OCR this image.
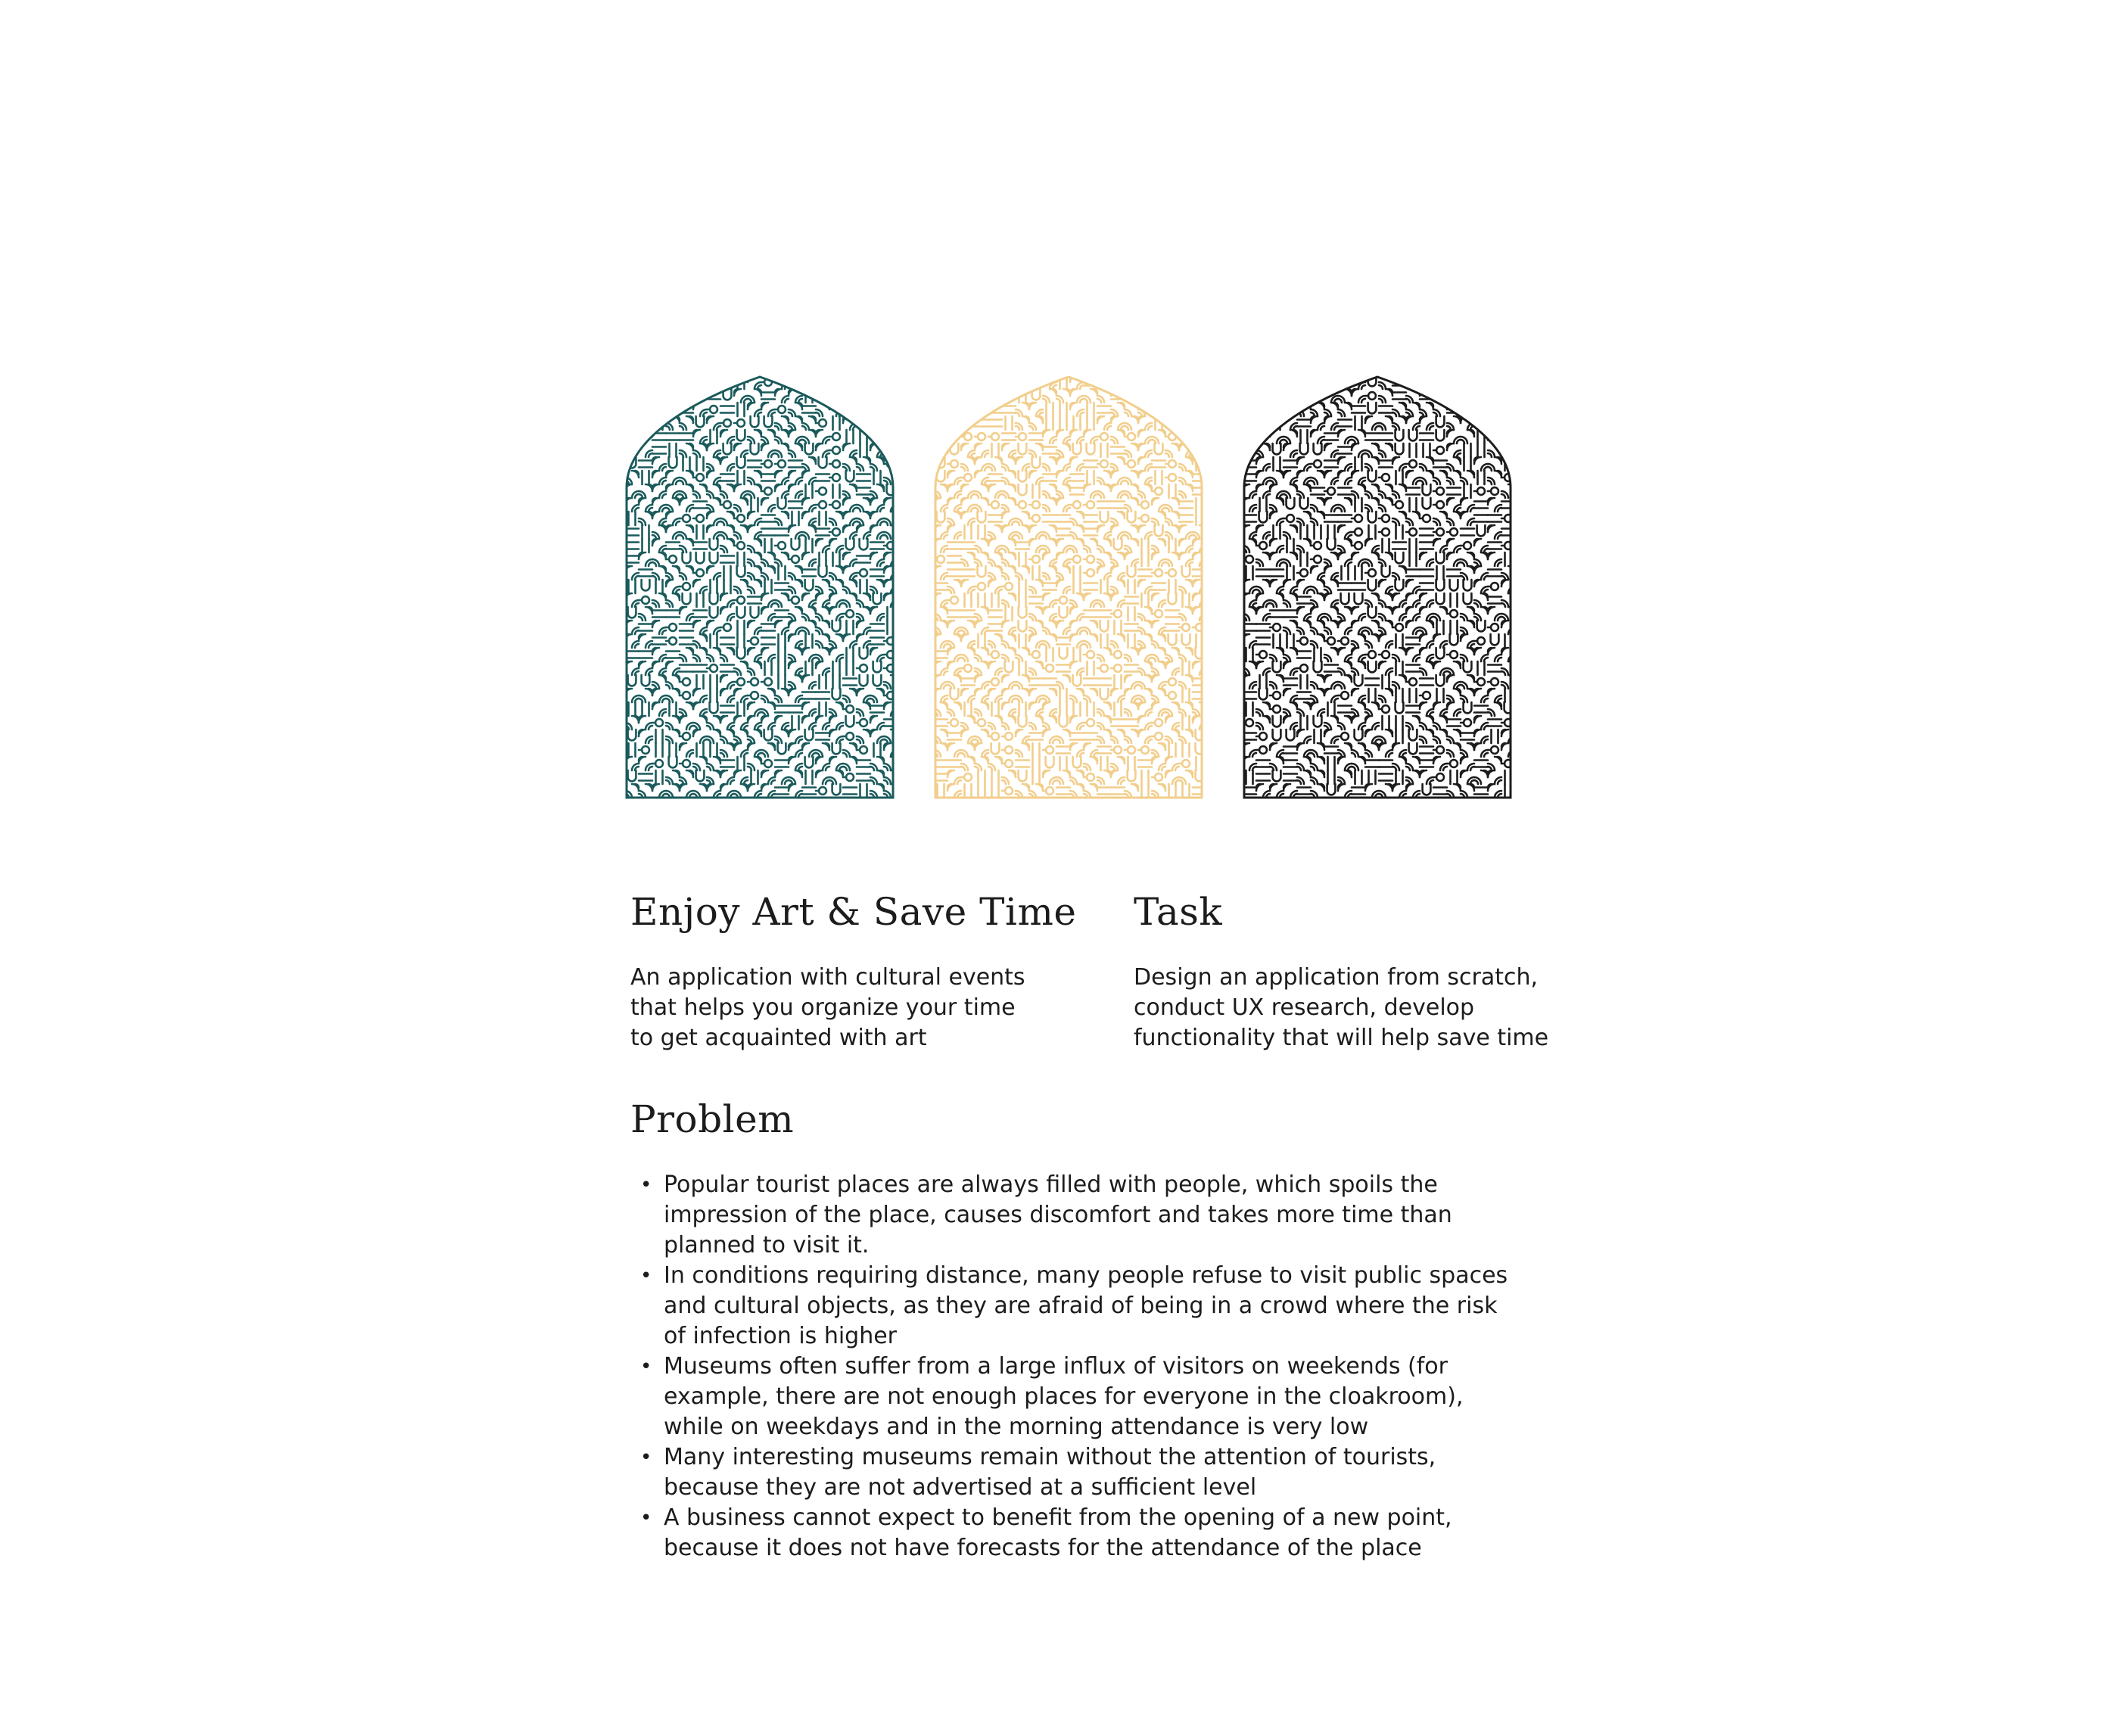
Enjoy Art & Save Time

An application with cultural events
that helps you organize your time
to get acquainted with art

Task

Design an application from scratch,
conduct UX research, develop
functionality that will help save time

Problem
• Popular tourist places are always filled with people, which spoils the impression of the place, causes discomfort and takes more time than planned to visit it.
• In conditions requiring distance, many people refuse to visit public spaces and cultural objects, as they are afraid of being in a crowd where the risk of infection is higher
• Museums often suffer from a large influx of visitors on weekends (for example, there are not enough places for everyone in the cloakroom), while on weekdays and in the morning attendance is very low
• Many interesting museums remain without the attention of tourists, because they are not advertised at a sufficient level
• A business cannot expect to benefit from the opening of a new point, because it does not have forecasts for the attendance of the place
